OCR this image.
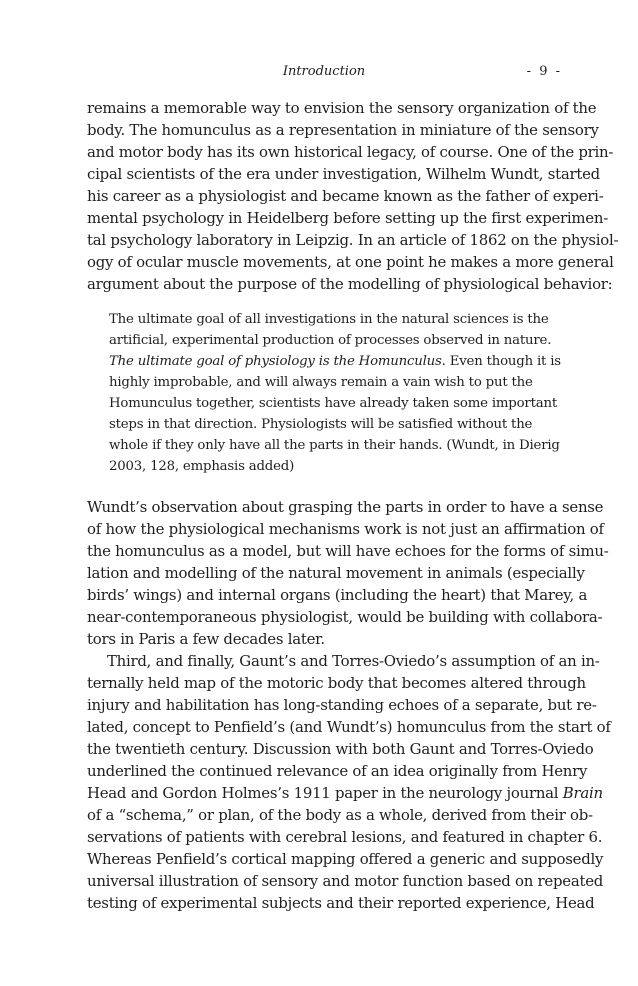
Introduction	- 9 -
remains a memorable way to envision the sensory organization of the
body. The homunculus as a representation in miniature of the sensory
and motor body has its own historical legacy, of course. One of the prin-
cipal scientists of the era under investigation, Wilhelm Wundt, started
his career as a physiologist and became known as the father of experi-
mental psychology in Heidelberg before setting up the first experimen-
tal psychology laboratory in Leipzig. In an article of 1862 on the physiol-
ogy of ocular muscle movements, at one point he makes a more general
argument about the purpose of the modelling of physiological behavior:
The ultimate goal of all investigations in the natural sciences is the
artificial, experimental production of processes observed in nature.
The ultimate goal of physiology is the Homunculus. Even though it is
highly improbable, and will always remain a vain wish to put the
Homunculus together, scientists have already taken some important
steps in that direction. Physiologists will be satisfied without the
whole if they only have all the parts in their hands. (Wundt, in Dierig
2003, 128, emphasis added)
Wundt’s observation about grasping the parts in order to have a sense
of how the physiological mechanisms work is not just an affirmation of
the homunculus as a model, but will have echoes for the forms of simu-
lation and modelling of the natural movement in animals (especially
birds’ wings) and internal organs (including the heart) that Marey, a
near-contemporaneous physiologist, would be building with collabora-
tors in Paris a few decades later.
Third, and finally, Gaunt’s and Torres-Oviedo’s assumption of an in-
ternally held map of the motoric body that becomes altered through
injury and habilitation has long-standing echoes of a separate, but re-
lated, concept to Penfield’s (and Wundt’s) homunculus from the start of
the twentieth century. Discussion with both Gaunt and Torres-Oviedo
underlined the continued relevance of an idea originally from Henry
Head and Gordon Holmes’s 1911 paper in the neurology journal Brain
of a “schema,” or plan, of the body as a whole, derived from their ob-
servations of patients with cerebral lesions, and featured in chapter 6.
Whereas Penfield’s cortical mapping offered a generic and supposedly
universal illustration of sensory and motor function based on repeated
testing of experimental subjects and their reported experience, Head
